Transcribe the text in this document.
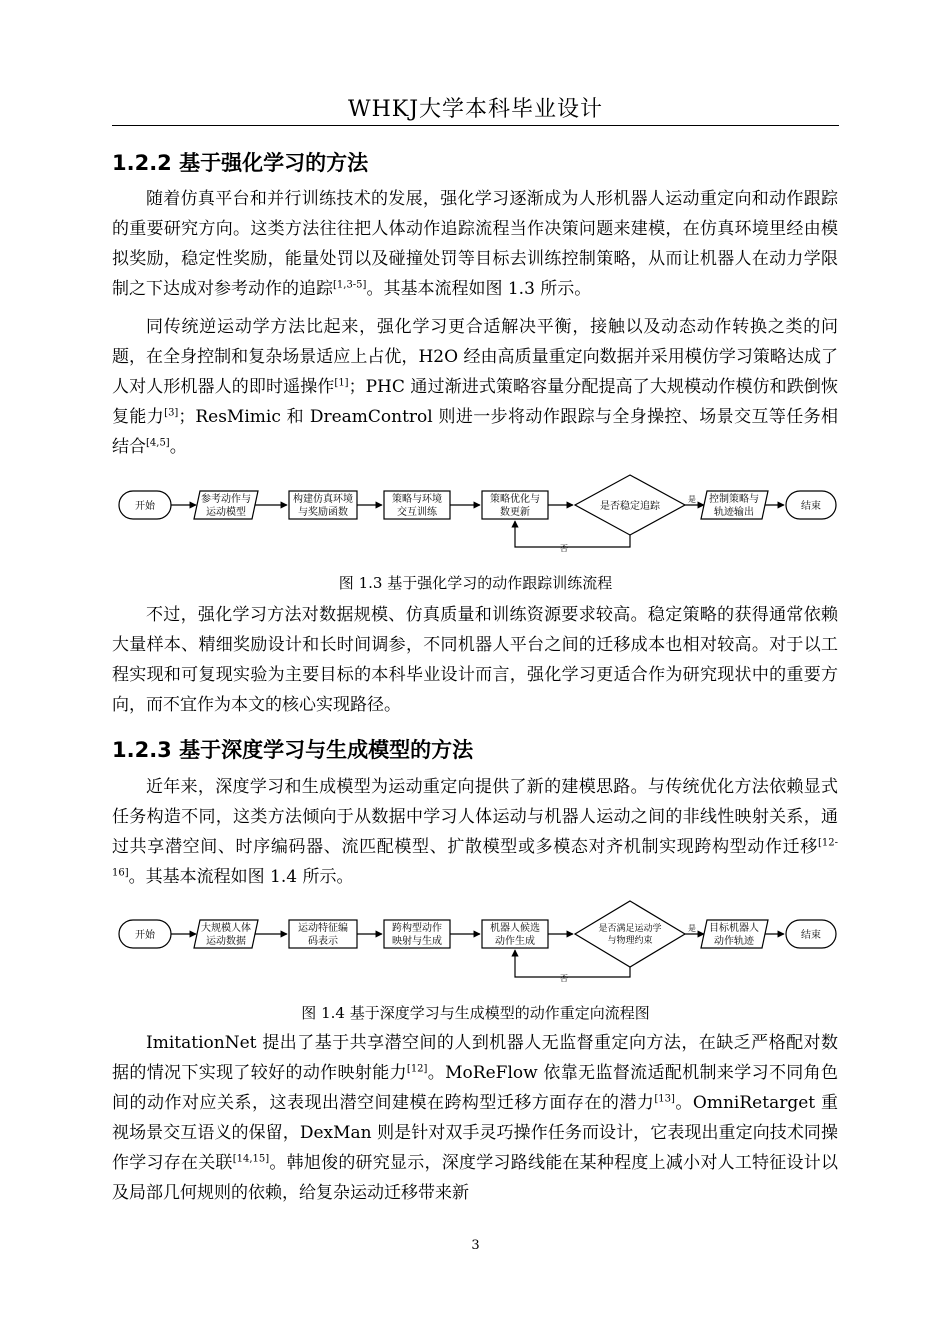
WHKJ大学本科毕业设计
1.2.2 基于强化学习的方法

随着仿真平台和并行训练技术的发展，强化学习逐渐成为人形机器人运动重定向和动作跟踪的重要研究方向。这类方法往往把人体动作追踪流程当作决策问题来建模，在仿真环境里经由模拟奖励，稳定性奖励，能量处罚以及碰撞处罚等目标去训练控制策略，从而让机器人在动力学限制之下达成对参考动作的追踪[1,3-5]。其基本流程如图 1.3 所示。

同传统逆运动学方法比起来，强化学习更合适解决平衡，接触以及动态动作转换之类的问题，在全身控制和复杂场景适应上占优，H2O 经由高质量重定向数据并采用模仿学习策略达成了人对人形机器人的即时遥操作[1]；PHC 通过渐进式策略容量分配提高了大规模动作模仿和跌倒恢复能力[3]；ResMimic 和 DreamControl 则进一步将动作跟踪与全身操控、场景交互等任务相结合[4,5]。

开始
参考动作与
运动模型
构建仿真环境
与奖励函数
策略与环境
交互训练
策略优化与
数更新
是否稳定追踪
控制策略与
轨迹输出
结束
是
否
图 1.3 基于强化学习的动作跟踪训练流程

不过，强化学习方法对数据规模、仿真质量和训练资源要求较高。稳定策略的获得通常依赖大量样本、精细奖励设计和长时间调参，不同机器人平台之间的迁移成本也相对较高。对于以工程实现和可复现实验为主要目标的本科毕业设计而言，强化学习更适合作为研究现状中的重要方向，而不宜作为本文的核心实现路径。

1.2.3 基于深度学习与生成模型的方法

近年来，深度学习和生成模型为运动重定向提供了新的建模思路。与传统优化方法依赖显式任务构造不同，这类方法倾向于从数据中学习人体运动与机器人运动之间的非线性映射关系，通过共享潜空间、时序编码器、流匹配模型、扩散模型或多模态对齐机制实现跨构型动作迁移[12-16]。其基本流程如图 1.4 所示。

开始
大规模人体
运动数据
运动特征编
码表示
跨构型动作
映射与生成
机器人候选
动作生成
是否满足运动学
与物理约束
目标机器人
动作轨迹
结束
是
否
图 1.4 基于深度学习与生成模型的动作重定向流程图

ImitationNet 提出了基于共享潜空间的人到机器人无监督重定向方法，在缺乏严格配对数据的情况下实现了较好的动作映射能力[12]。MoReFlow 依靠无监督流适配机制来学习不同角色间的动作对应关系，这表现出潜空间建模在跨构型迁移方面存在的潜力[13]。OmniRetarget 重视场景交互语义的保留，DexMan 则是针对双手灵巧操作任务而设计，它表现出重定向技术同操作学习存在关联[14,15]。韩旭俊的研究显示，深度学习路线能在某种程度上减小对人工特征设计以及局部几何规则的依赖，给复杂运动迁移带来新

3
